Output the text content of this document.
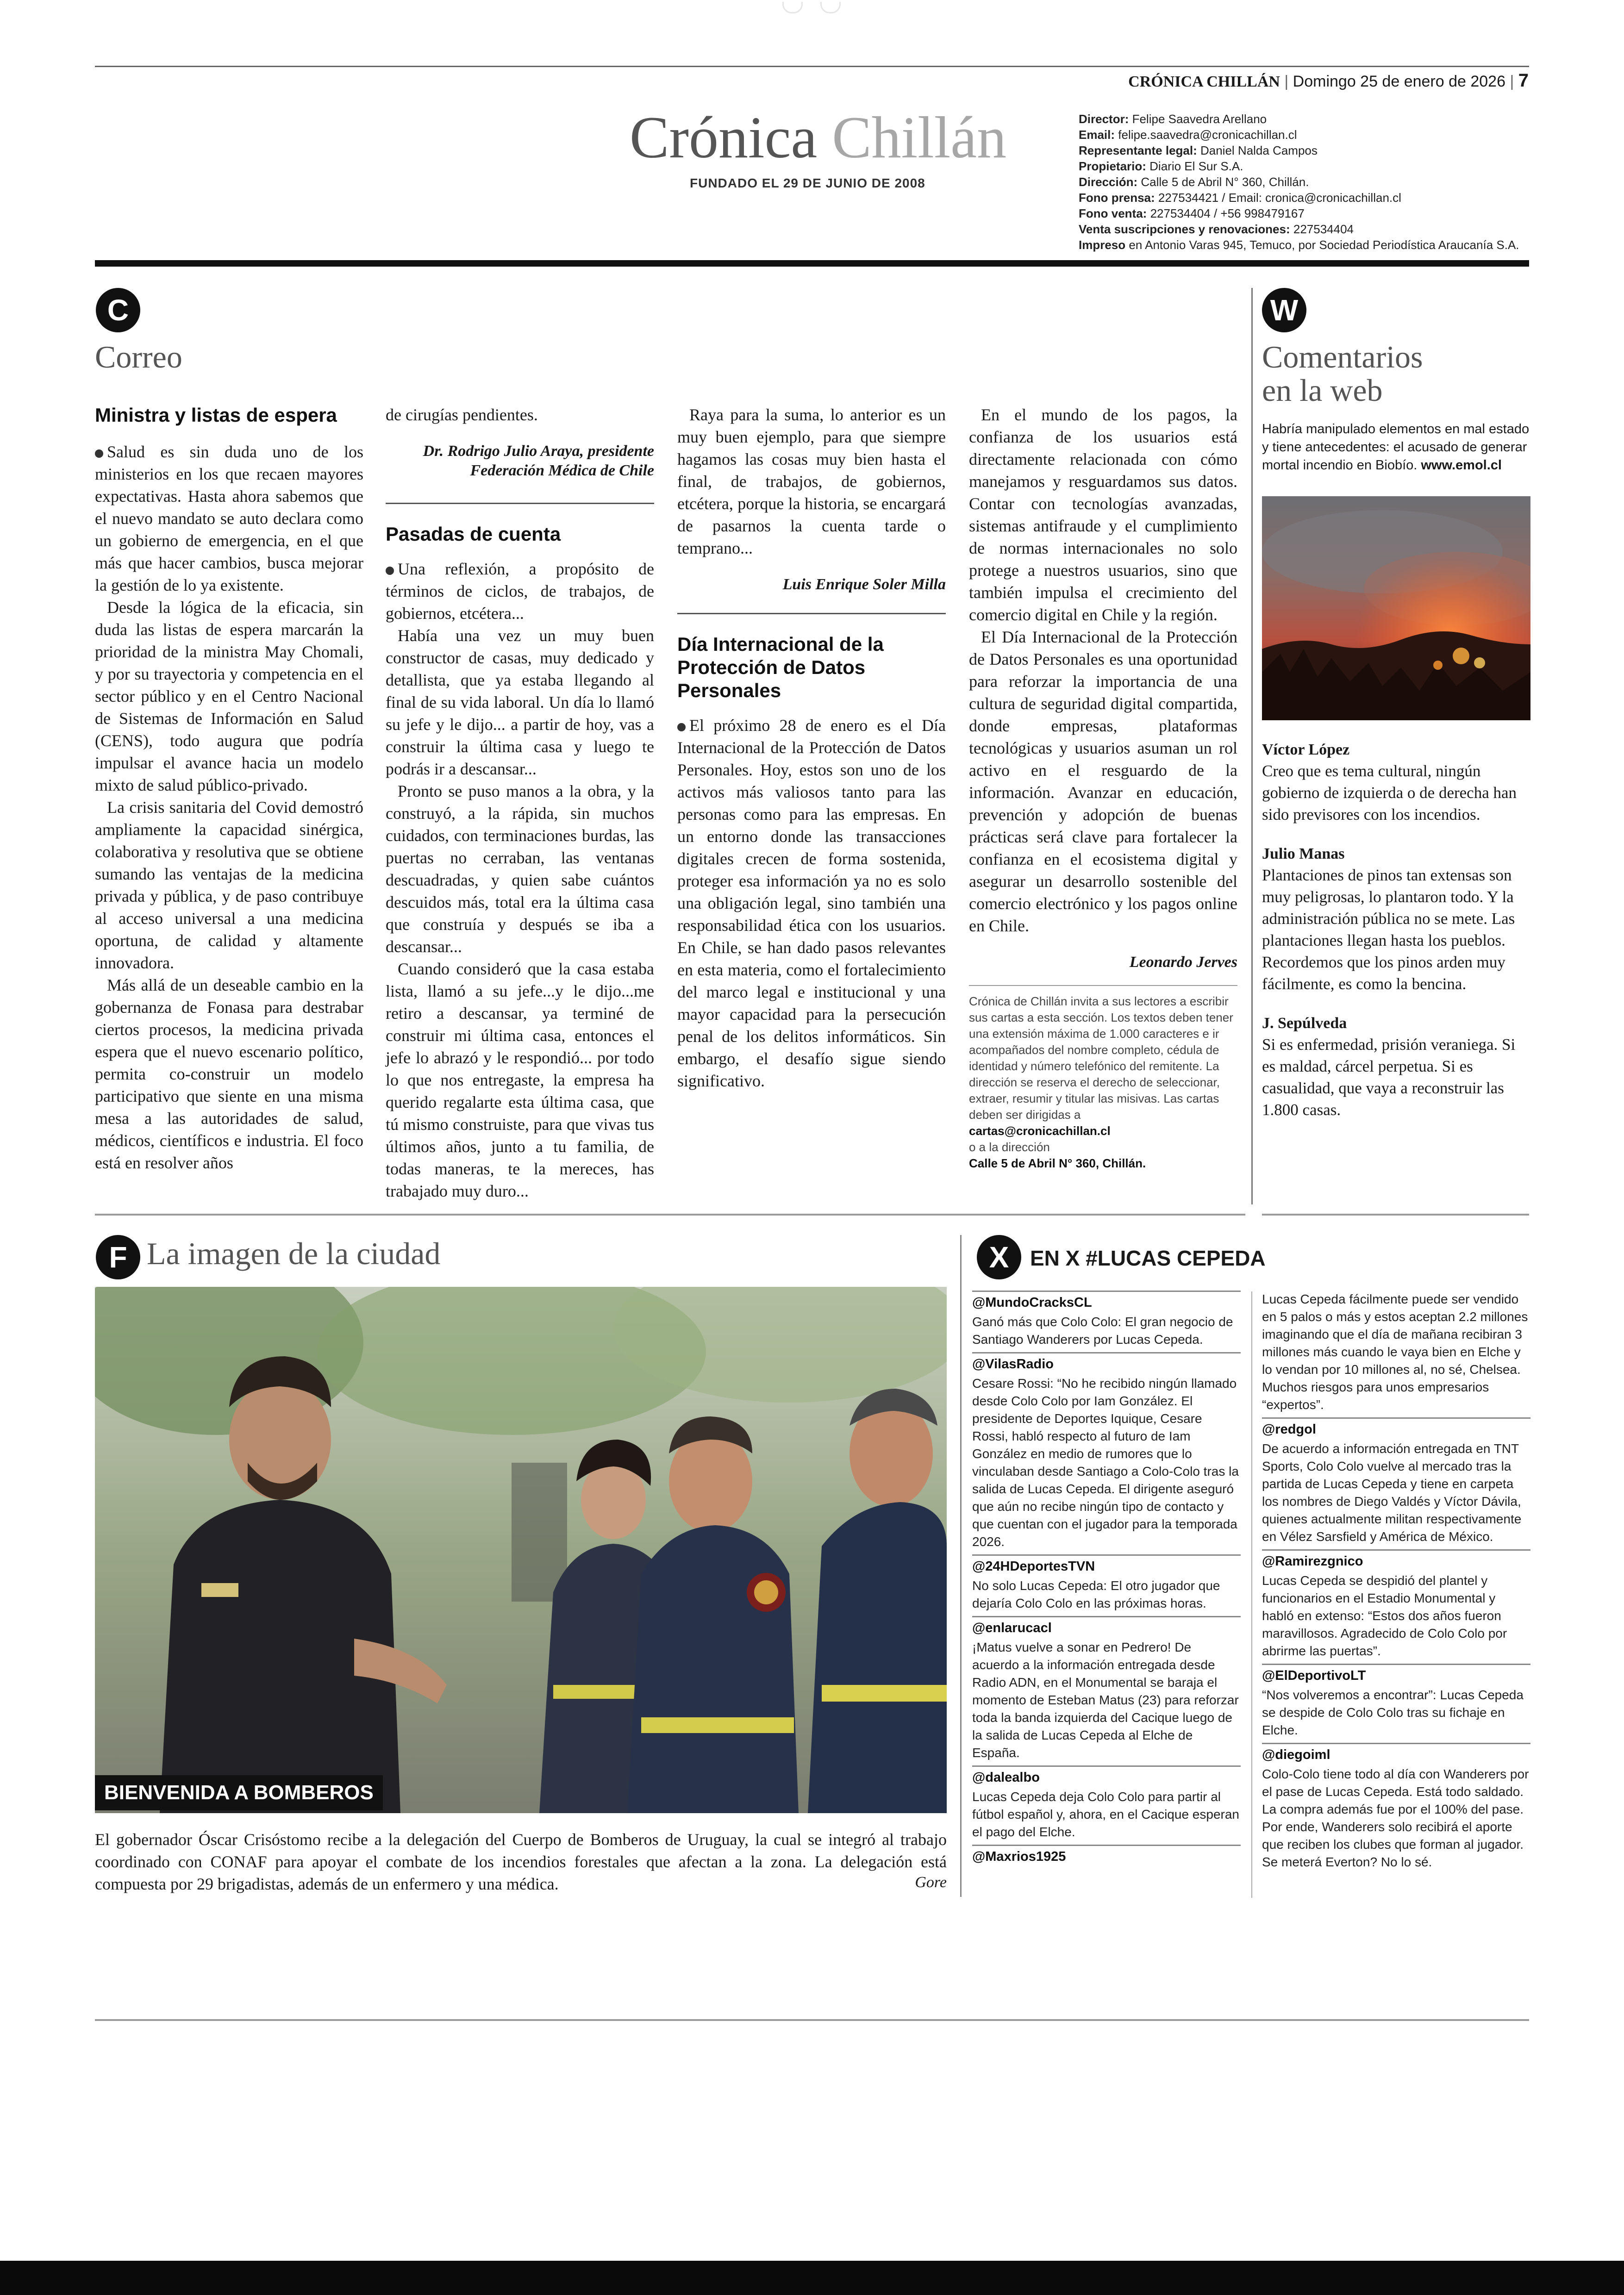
CRÓNICA CHILLÁN | Domingo 25 de enero de 2026 | 7
Crónica Chillán
FUNDADO EL 29 DE JUNIO DE 2008
Director: Felipe Saavedra Arellano
Email: felipe.saavedra@cronicachillan.cl
Representante legal: Daniel Nalda Campos
Propietario: Diario El Sur S.A.
Dirección: Calle 5 de Abril N° 360, Chillán.
Fono prensa: 227534421 / Email: cronica@cronicachillan.cl
Fono venta: 227534404 / +56 998479167
Venta suscripciones y renovaciones: 227534404
Impreso en Antonio Varas 945, Temuco, por Sociedad Periodística Araucanía S.A.
C
Correo
Ministra y listas de espera

Salud es sin duda uno de los ministerios en los que recaen mayores expectativas. Hasta ahora sabemos que el nuevo mandato se auto declara como un gobierno de emergencia, en el que más que hacer cambios, busca mejorar la gestión de lo ya existente.

Desde la lógica de la eficacia, sin duda las listas de espera marcarán la prioridad de la ministra May Chomali, y por su trayectoria y competencia en el sector público y en el Centro Nacional de Sistemas de Información en Salud (CENS), todo augura que podría impulsar el avance hacia un modelo mixto de salud público-privado.

La crisis sanitaria del Covid demostró ampliamente la capacidad sinérgica, colaborativa y resolutiva que se obtiene sumando las ventajas de la medicina privada y pública, y de paso contribuye al acceso universal a una medicina oportuna, de calidad y altamente innovadora.

Más allá de un deseable cambio en la gobernanza de Fonasa para destrabar ciertos procesos, la medicina privada espera que el nuevo escenario político, permita co-construir un modelo participativo que siente en una misma mesa a las autoridades de salud, médicos, científicos e industria. El foco está en resolver años

de cirugías pendientes.

Dr. Rodrigo Julio Araya, presidente Federación Médica de Chile
Pasadas de cuenta

Una reflexión, a propósito de términos de ciclos, de trabajos, de gobiernos, etcétera...

Había una vez un muy buen constructor de casas, muy dedicado y detallista, que ya estaba llegando al final de su vida laboral. Un día lo llamó su jefe y le dijo... a partir de hoy, vas a construir la última casa y luego te podrás ir a descansar...

Pronto se puso manos a la obra, y la construyó, a la rápida, sin muchos cuidados, con terminaciones burdas, las puertas no cerraban, las ventanas descuadradas, y quien sabe cuántos descuidos más, total era la última casa que construía y después se iba a descansar...

Cuando consideró que la casa estaba lista, llamó a su jefe...y le dijo...me retiro a descansar, ya terminé de construir mi última casa, entonces el jefe lo abrazó y le respondió... por todo lo que nos entregaste, la empresa ha querido regalarte esta última casa, que tú mismo construiste, para que vivas tus últimos años, junto a tu familia, de todas maneras, te la mereces, has trabajado muy duro...

Raya para la suma, lo anterior es un muy buen ejemplo, para que siempre hagamos las cosas muy bien hasta el final, de trabajos, de gobiernos, etcétera, porque la historia, se encargará de pasarnos la cuenta tarde o temprano...

Luis Enrique Soler Milla
Día Internacional de la Protección de Datos Personales

El próximo 28 de enero es el Día Internacional de la Protección de Datos Personales. Hoy, estos son uno de los activos más valiosos tanto para las personas como para las empresas. En un entorno donde las transacciones digitales crecen de forma sostenida, proteger esa información ya no es solo una obligación legal, sino también una responsabilidad ética con los usuarios. En Chile, se han dado pasos relevantes en esta materia, como el fortalecimiento del marco legal e institucional y una mayor capacidad para la persecución penal de los delitos informáticos. Sin embargo, el desafío sigue siendo significativo.

En el mundo de los pagos, la confianza de los usuarios está directamente relacionada con cómo manejamos y resguardamos sus datos. Contar con tecnologías avanzadas, sistemas antifraude y el cumplimiento de normas internacionales no solo protege a nuestros usuarios, sino que también impulsa el crecimiento del comercio digital en Chile y la región.

El Día Internacional de la Protección de Datos Personales es una oportunidad para reforzar la importancia de una cultura de seguridad digital compartida, donde empresas, plataformas tecnológicas y usuarios asuman un rol activo en el resguardo de la información. Avanzar en educación, prevención y adopción de buenas prácticas será clave para fortalecer la confianza en el ecosistema digital y asegurar un desarrollo sostenible del comercio electrónico y los pagos online en Chile.

Leonardo Jerves
Crónica de Chillán invita a sus lectores a escribir sus cartas a esta sección. Los textos deben tener una extensión máxima de 1.000 caracteres e ir acompañados del nombre completo, cédula de identidad y número telefónico del remitente. La dirección se reserva el derecho de seleccionar, extraer, resumir y titular las misivas. Las cartas deben ser dirigidas a
cartas@cronicachillan.cl
o a la dirección
Calle 5 de Abril N° 360, Chillán.
W
Comentarios
en la web
Habría manipulado elementos en mal estado y tiene antecedentes: el acusado de generar mortal incendio en Biobío. www.emol.cl
Víctor López
Creo que es tema cultural, ningún gobierno de izquierda o de derecha han sido previsores con los incendios.
Julio Manas
Plantaciones de pinos tan extensas son muy peligrosas, lo plantaron todo. Y la administración pública no se mete. Las plantaciones llegan hasta los pueblos. Recordemos que los pinos arden muy fácilmente, es como la bencina.
J. Sepúlveda
Si es enfermedad, prisión veraniega. Si es maldad, cárcel perpetua. Si es casualidad, que vaya a reconstruir las 1.800 casas.
F La imagen de la ciudad
BIENVENIDA A BOMBEROS
El gobernador Óscar Crisóstomo recibe a la delegación del Cuerpo de Bomberos de Uruguay, la cual se integró al trabajo coordinado con CONAF para apoyar el combate de los incendios forestales que afectan a la zona. La delegación está compuesta por 29 brigadistas, además de un enfermero y una médica.	Gore
X EN X #LUCAS CEPEDA
@MundoCracksCL
Ganó más que Colo Colo: El gran negocio de Santiago Wanderers por Lucas Cepeda.
@VilasRadio
Cesare Rossi: “No he recibido ningún llamado desde Colo Colo por Iam González. El presidente de Deportes Iquique, Cesare Rossi, habló respecto al futuro de Iam González en medio de rumores que lo vinculaban desde Santiago a Colo-Colo tras la salida de Lucas Cepeda. El dirigente aseguró que aún no recibe ningún tipo de contacto y que cuentan con el jugador para la temporada 2026.
@24HDeportesTVN
No solo Lucas Cepeda: El otro jugador que dejaría Colo Colo en las próximas horas.
@enlarucacl
¡Matus vuelve a sonar en Pedrero! De acuerdo a la información entregada desde Radio ADN, en el Monumental se baraja el momento de Esteban Matus (23) para reforzar toda la banda izquierda del Cacique luego de la salida de Lucas Cepeda al Elche de España.
@dalealbo
Lucas Cepeda deja Colo Colo para partir al fútbol español y, ahora, en el Cacique esperan el pago del Elche.
@Maxrios1925
Lucas Cepeda fácilmente puede ser vendido en 5 palos o más y estos aceptan 2.2 millones imaginando que el día de mañana recibiran 3 millones más cuando le vaya bien en Elche y lo vendan por 10 millones al, no sé, Chelsea. Muchos riesgos para unos empresarios “expertos”.
@redgol
De acuerdo a información entregada en TNT Sports, Colo Colo vuelve al mercado tras la partida de Lucas Cepeda y tiene en carpeta los nombres de Diego Valdés y Víctor Dávila, quienes actualmente militan respectivamente en Vélez Sarsfield y América de México.
@Ramirezgnico
Lucas Cepeda se despidió del plantel y funcionarios en el Estadio Monumental y habló en extenso: “Estos dos años fueron maravillosos. Agradecido de Colo Colo por abrirme las puertas”.
@ElDeportivoLT
“Nos volveremos a encontrar”: Lucas Cepeda se despide de Colo Colo tras su fichaje en Elche.
@diegoiml
Colo-Colo tiene todo al día con Wanderers por el pase de Lucas Cepeda. Está todo saldado. La compra además fue por el 100% del pase. Por ende, Wanderers solo recibirá el aporte que reciben los clubes que forman al jugador. Se meterá Everton? No lo sé.
